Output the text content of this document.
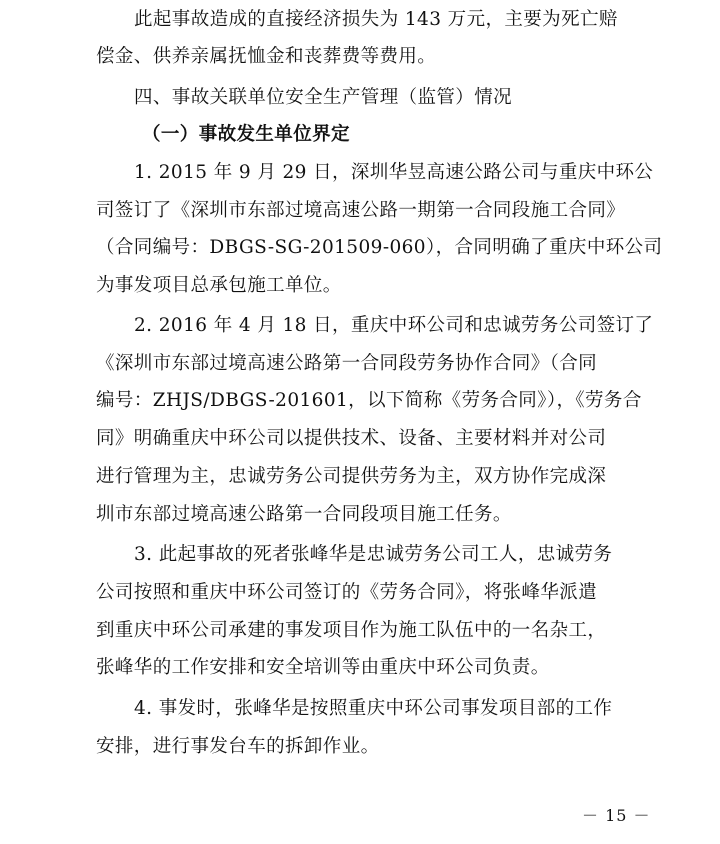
此起事故造成的直接经济损失为 143 万元，主要为死亡赔
偿金、供养亲属抚恤金和丧葬费等费用。
四、事故关联单位安全生产管理（监管）情况
（一）事故发生单位界定
1. 2015 年 9 月 29 日，深圳华昱高速公路公司与重庆中环公
司签订了《深圳市东部过境高速公路一期第一合同段施工合同》
（合同编号：DBGS-SG-201509-060），合同明确了重庆中环公司
为事发项目总承包施工单位。
2. 2016 年 4 月 18 日，重庆中环公司和忠诚劳务公司签订了
《深圳市东部过境高速公路第一合同段劳务协作合同》（合同
编号：ZHJS/DBGS-201601，以下简称《劳务合同》），《劳务合
同》明确重庆中环公司以提供技术、设备、主要材料并对公司
进行管理为主，忠诚劳务公司提供劳务为主，双方协作完成深
圳市东部过境高速公路第一合同段项目施工任务。
3. 此起事故的死者张峰华是忠诚劳务公司工人，忠诚劳务
公司按照和重庆中环公司签订的《劳务合同》，将张峰华派遣
到重庆中环公司承建的事发项目作为施工队伍中的一名杂工，
张峰华的工作安排和安全培训等由重庆中环公司负责。
4. 事发时，张峰华是按照重庆中环公司事发项目部的工作
安排，进行事发台车的拆卸作业。
－ 15 －
